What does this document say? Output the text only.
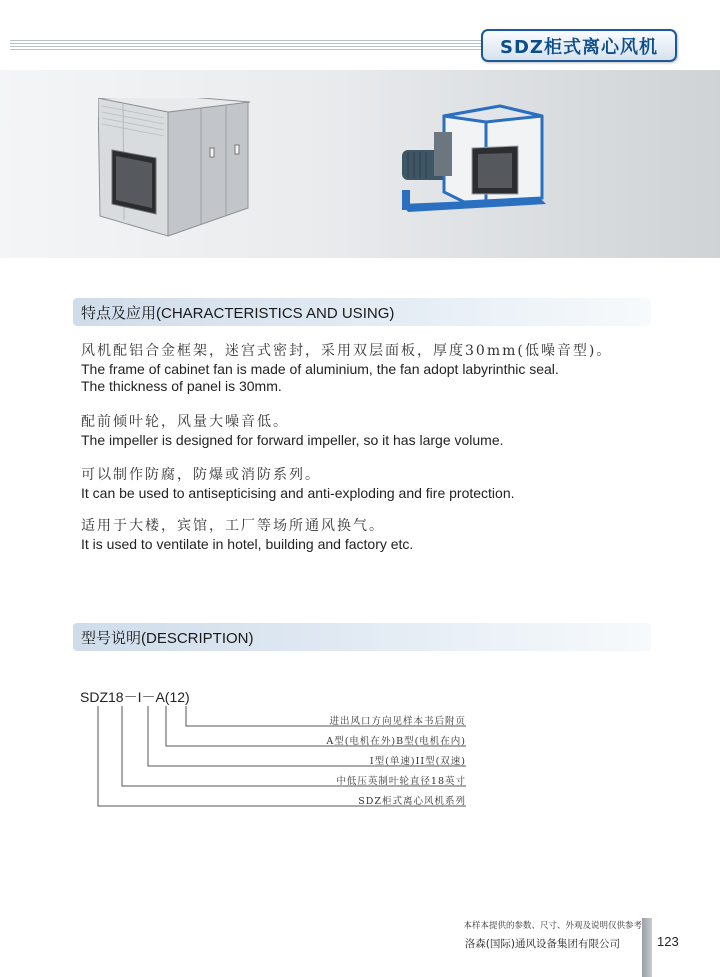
SDZ柜式离心风机
特点及应用(CHARACTERISTICS AND USING)
风机配铝合金框架，迷宫式密封，采用双层面板，厚度30mm(低噪音型)。
The frame of cabinet fan is made of aluminium, the fan adopt labyrinthic seal.
The thickness of panel is 30mm.
配前倾叶轮，风量大噪音低。
The impeller is designed for forward impeller, so it has large volume.
可以制作防腐，防爆或消防系列。
It can be used to antisepticising and anti-exploding and fire protection.
适用于大楼，宾馆，工厂等场所通风换气。
It is used to ventilate in hotel, building and factory etc.
型号说明(DESCRIPTION)
SDZ18－I－A(12)
进出风口方向见样本书后附页
A型(电机在外)B型(电机在内)
I型(单速)II型(双速)
中低压英制叶轮直径18英寸
SDZ柜式离心风机系列
本样本提供的参数、尺寸、外观及说明仅供参考
洛森(国际)通风设备集团有限公司	123
